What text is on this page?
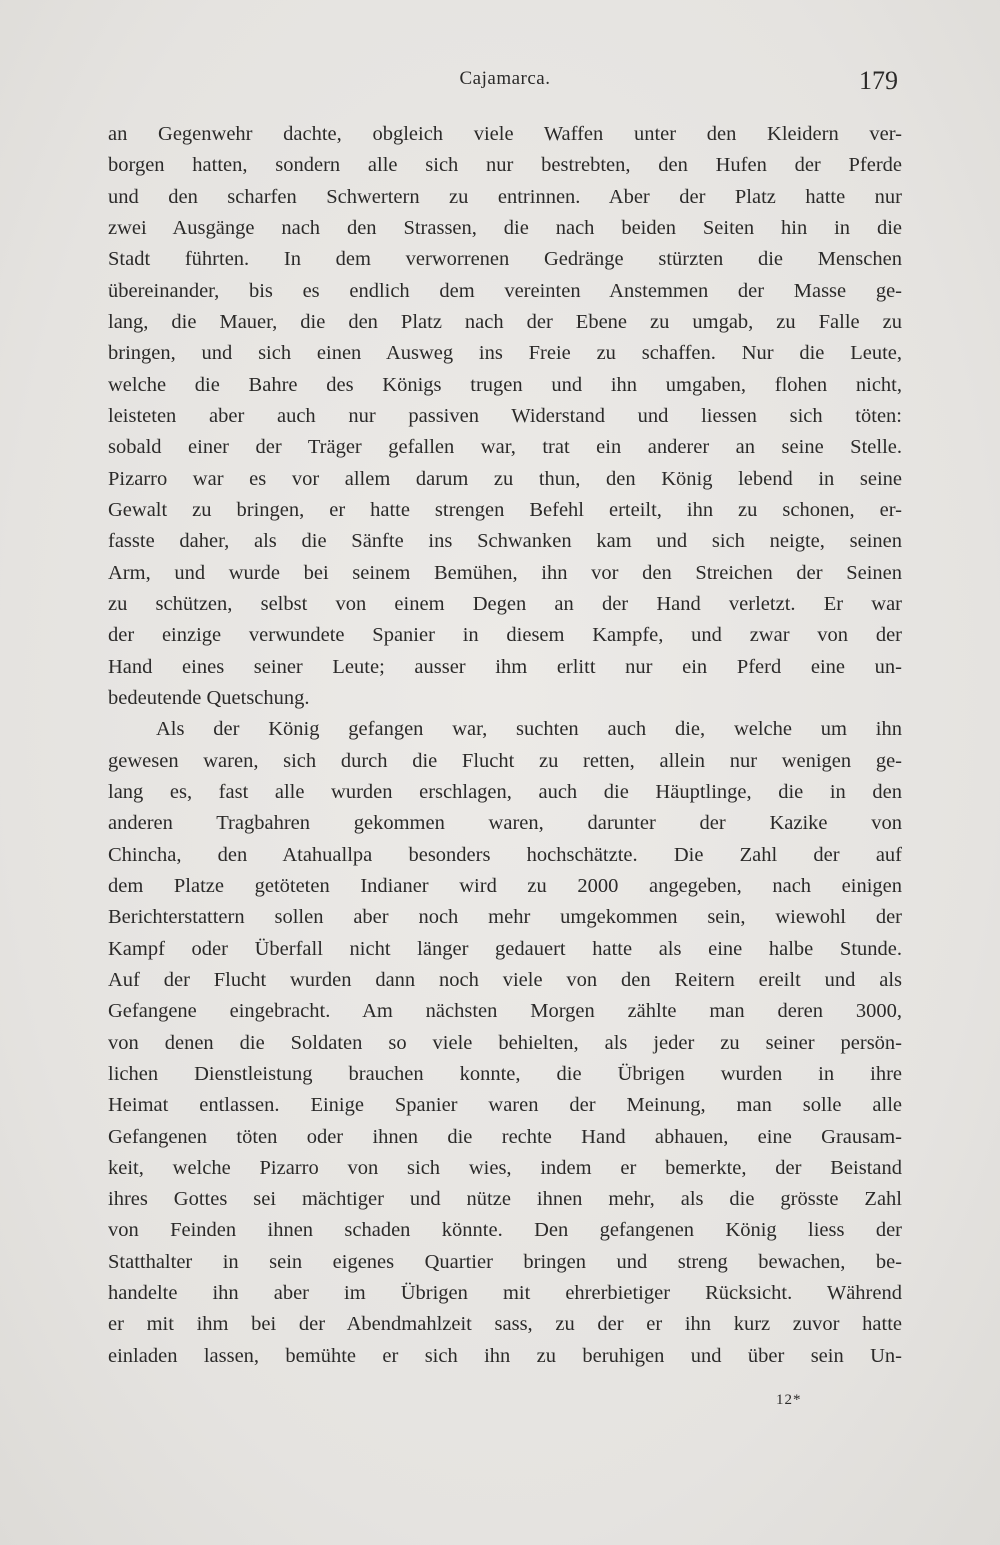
Cajamarca.	179
an Gegenwehr dachte, obgleich viele Waffen unter den Kleidern ver-
borgen hatten, sondern alle sich nur bestrebten, den Hufen der Pferde
und den scharfen Schwertern zu entrinnen. Aber der Platz hatte nur
zwei Ausgänge nach den Strassen, die nach beiden Seiten hin in die
Stadt führten. In dem verworrenen Gedränge stürzten die Menschen
übereinander, bis es endlich dem vereinten Anstemmen der Masse ge-
lang, die Mauer, die den Platz nach der Ebene zu umgab, zu Falle zu
bringen, und sich einen Ausweg ins Freie zu schaffen. Nur die Leute,
welche die Bahre des Königs trugen und ihn umgaben, flohen nicht,
leisteten aber auch nur passiven Widerstand und liessen sich töten:
sobald einer der Träger gefallen war, trat ein anderer an seine Stelle.
Pizarro war es vor allem darum zu thun, den König lebend in seine
Gewalt zu bringen, er hatte strengen Befehl erteilt, ihn zu schonen, er-
fasste daher, als die Sänfte ins Schwanken kam und sich neigte, seinen
Arm, und wurde bei seinem Bemühen, ihn vor den Streichen der Seinen
zu schützen, selbst von einem Degen an der Hand verletzt. Er war
der einzige verwundete Spanier in diesem Kampfe, und zwar von der
Hand eines seiner Leute; ausser ihm erlitt nur ein Pferd eine un-
bedeutende Quetschung.
Als der König gefangen war, suchten auch die, welche um ihn
gewesen waren, sich durch die Flucht zu retten, allein nur wenigen ge-
lang es, fast alle wurden erschlagen, auch die Häuptlinge, die in den
anderen Tragbahren gekommen waren, darunter der Kazike von
Chincha, den Atahuallpa besonders hochschätzte. Die Zahl der auf
dem Platze getöteten Indianer wird zu 2000 angegeben, nach einigen
Berichterstattern sollen aber noch mehr umgekommen sein, wiewohl der
Kampf oder Überfall nicht länger gedauert hatte als eine halbe Stunde.
Auf der Flucht wurden dann noch viele von den Reitern ereilt und als
Gefangene eingebracht. Am nächsten Morgen zählte man deren 3000,
von denen die Soldaten so viele behielten, als jeder zu seiner persön-
lichen Dienstleistung brauchen konnte, die Übrigen wurden in ihre
Heimat entlassen. Einige Spanier waren der Meinung, man solle alle
Gefangenen töten oder ihnen die rechte Hand abhauen, eine Grausam-
keit, welche Pizarro von sich wies, indem er bemerkte, der Beistand
ihres Gottes sei mächtiger und nütze ihnen mehr, als die grösste Zahl
von Feinden ihnen schaden könnte. Den gefangenen König liess der
Statthalter in sein eigenes Quartier bringen und streng bewachen, be-
handelte ihn aber im Übrigen mit ehrerbietiger Rücksicht. Während
er mit ihm bei der Abendmahlzeit sass, zu der er ihn kurz zuvor hatte
einladen lassen, bemühte er sich ihn zu beruhigen und über sein Un-
12*
